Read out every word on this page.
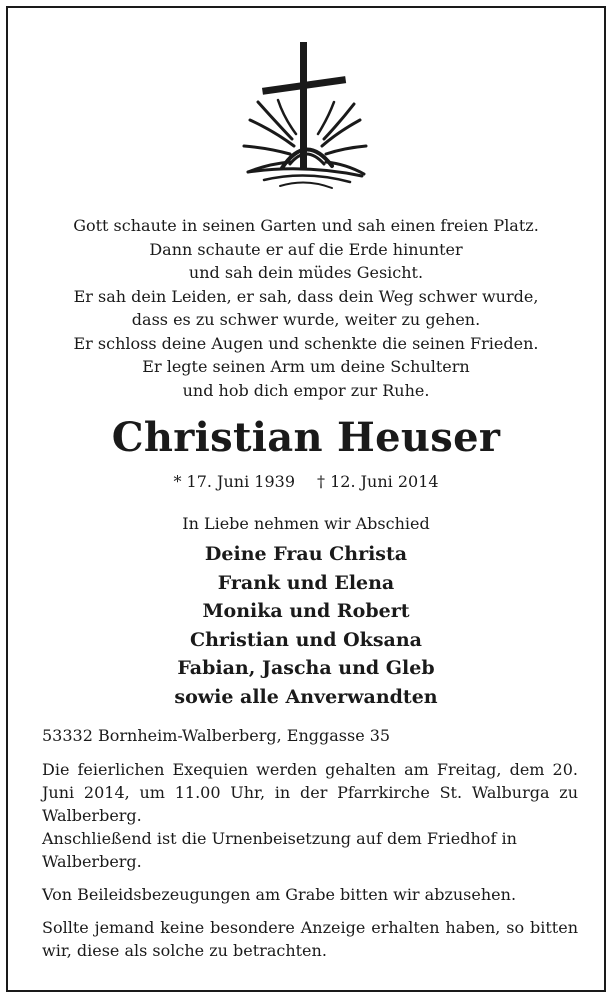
Gott schaute in seinen Garten und sah einen freien Platz.
Dann schaute er auf die Erde hinunter
und sah dein müdes Gesicht.
Er sah dein Leiden, er sah, dass dein Weg schwer wurde,
dass es zu schwer wurde, weiter zu gehen.
Er schloss deine Augen und schenkte die seinen Frieden.
Er legte seinen Arm um deine Schultern
und hob dich empor zur Ruhe.
Christian Heuser
* 17. Juni 1939 † 12. Juni 2014
In Liebe nehmen wir Abschied
Deine Frau Christa
Frank und Elena
Monika und Robert
Christian und Oksana
Fabian, Jascha und Gleb
sowie alle Anverwandten

53332 Bornheim-Walberberg, Enggasse 35

Die feierlichen Exequien werden gehalten am Freitag, dem 20. Juni 2014, um 11.00 Uhr, in der Pfarrkirche St. Walburga zu Walberberg.

Anschließend ist die Urnenbeisetzung auf dem Friedhof in Walberberg.

Von Beileidsbezeugungen am Grabe bitten wir abzusehen.

Sollte jemand keine besondere Anzeige erhalten haben, so bitten wir, diese als solche zu betrachten.
